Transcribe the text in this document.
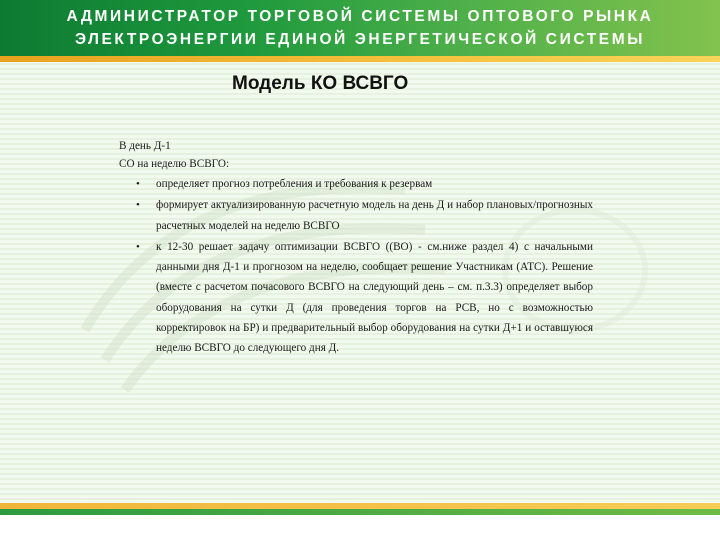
АДМИНИСТРАТОР ТОРГОВОЙ СИСТЕМЫ ОПТОВОГО РЫНКА
ЭЛЕКТРОЭНЕРГИИ ЕДИНОЙ ЭНЕРГЕТИЧЕСКОЙ СИСТЕМЫ
Модель КО ВСВГО

В день Д-1

СО на неделю ВСВГО:

• определяет прогноз потребления и требования к резервам
• формирует актуализированную расчетную модель на день Д и набор плановых/прогнозных расчетных моделей на неделю ВСВГО
• к 12-30 решает задачу оптимизации ВСВГО ((ВО) - см.ниже раздел 4) с начальными данными дня Д-1 и прогнозом на неделю, сообщает решение Участникам (АТС). Решение (вместе с расчетом почасового ВСВГО на следующий день – см. п.3.3) определяет выбор оборудования на сутки Д (для проведения торгов на РСВ, но с возможностью корректировок на БР) и предварительный выбор оборудования на сутки Д+1 и оставшуюся неделю ВСВГО до следующего дня Д.
